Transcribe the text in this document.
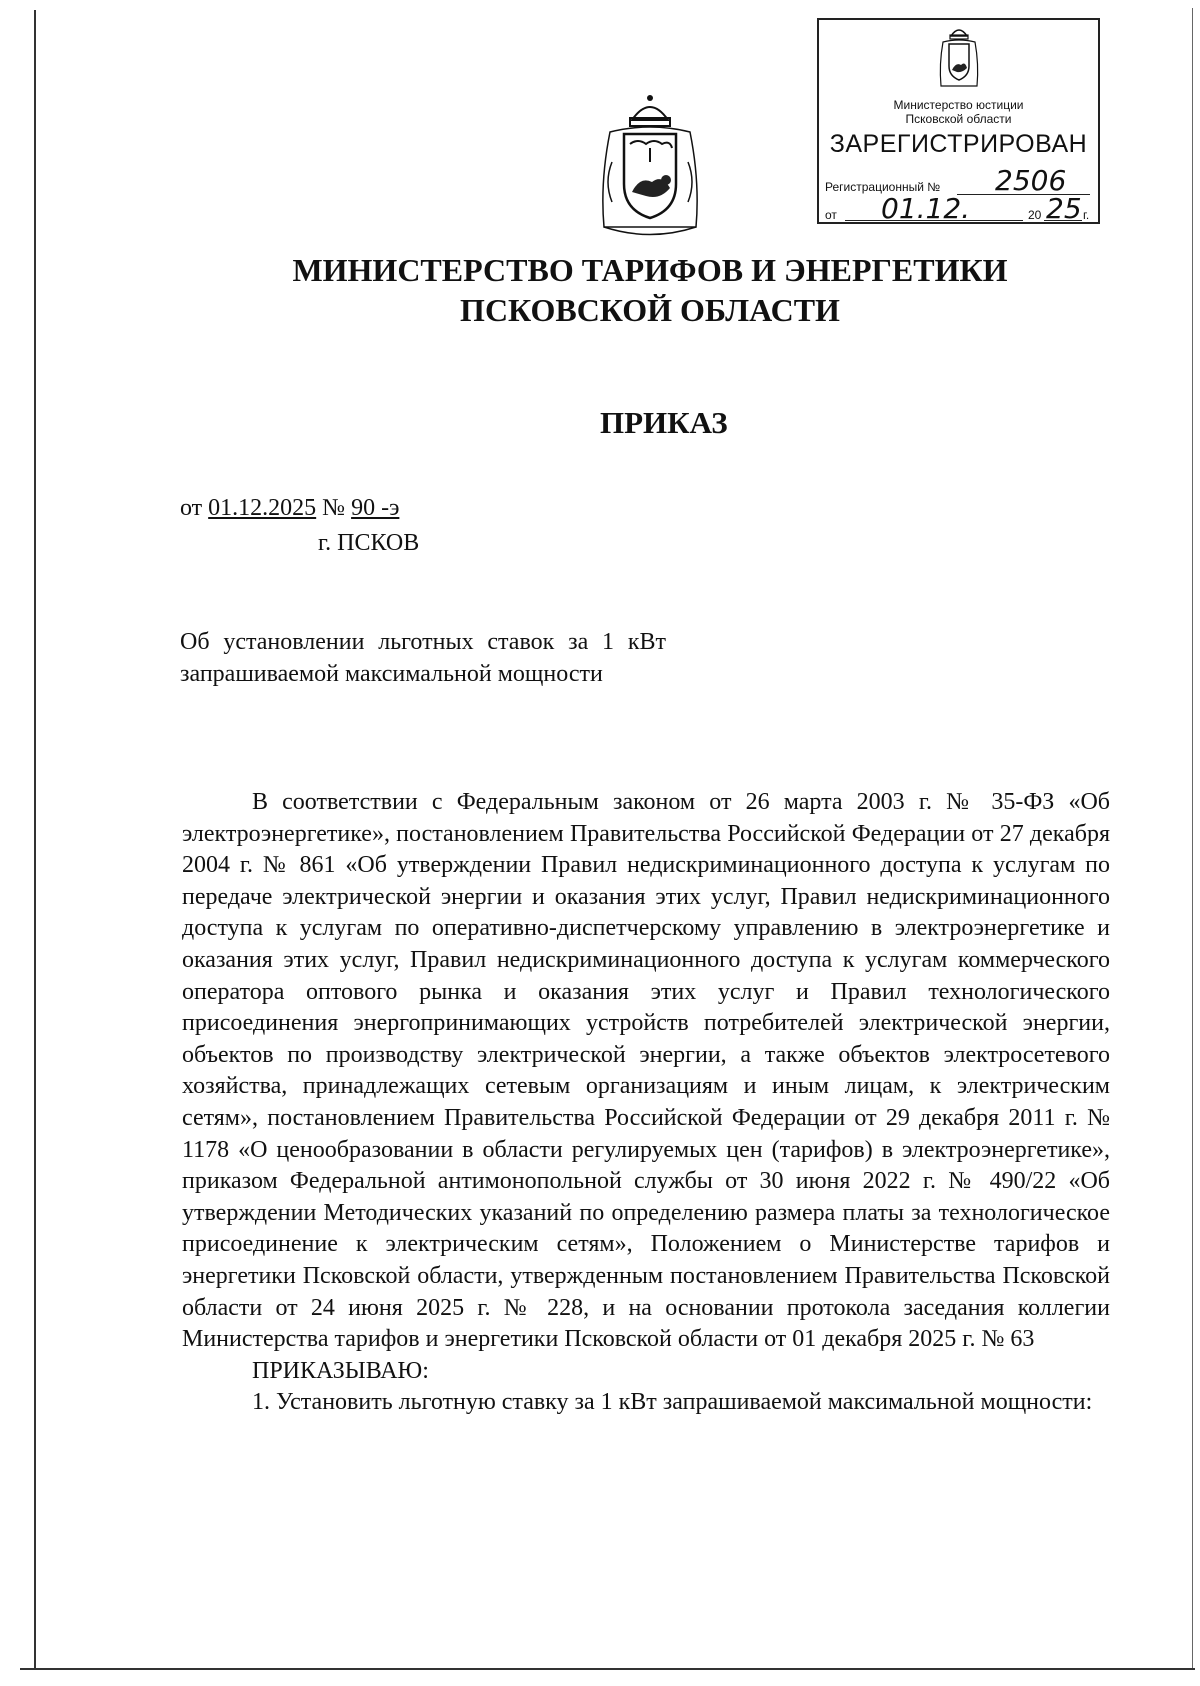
Министерство юстиции
Псковской области
ЗАРЕГИСТРИРОВАН
Регистрационный № 2506
от 01.12.	20 25 г.
МИНИСТЕРСТВО ТАРИФОВ И ЭНЕРГЕТИКИ
ПСКОВСКОЙ ОБЛАСТИ
ПРИКАЗ
от 01.12.2025 № 90 -э
г. ПСКОВ
Об установлении льготных ставок за 1 кВт запрашиваемой максимальной мощности

В соответствии с Федеральным законом от 26 марта 2003 г. № 35-ФЗ «Об электроэнергетике», постановлением Правительства Российской Федерации от 27 декабря 2004 г. № 861 «Об утверждении Правил недискриминационного доступа к услугам по передаче электрической энергии и оказания этих услуг, Правил недискриминационного доступа к услугам по оперативно-диспетчерскому управлению в электроэнергетике и оказания этих услуг, Правил недискриминационного доступа к услугам коммерческого оператора оптового рынка и оказания этих услуг и Правил технологического присоединения энергопринимающих устройств потребителей электрической энергии, объектов по производству электрической энергии, а также объектов электросетевого хозяйства, принадлежащих сетевым организациям и иным лицам, к электрическим сетям», постановлением Правительства Российской Федерации от 29 декабря 2011 г. № 1178 «О ценообразовании в области регулируемых цен (тарифов) в электроэнергетике», приказом Федеральной антимонопольной службы от 30 июня 2022 г. № 490/22 «Об утверждении Методических указаний по определению размера платы за технологическое присоединение к электрическим сетям», Положением о Министерстве тарифов и энергетики Псковской области, утвержденным постановлением Правительства Псковской области от 24 июня 2025 г. № 228, и на основании протокола заседания коллегии Министерства тарифов и энергетики Псковской области от 01 декабря 2025 г. № 63

ПРИКАЗЫВАЮ:

1. Установить льготную ставку за 1 кВт запрашиваемой максимальной мощности:
